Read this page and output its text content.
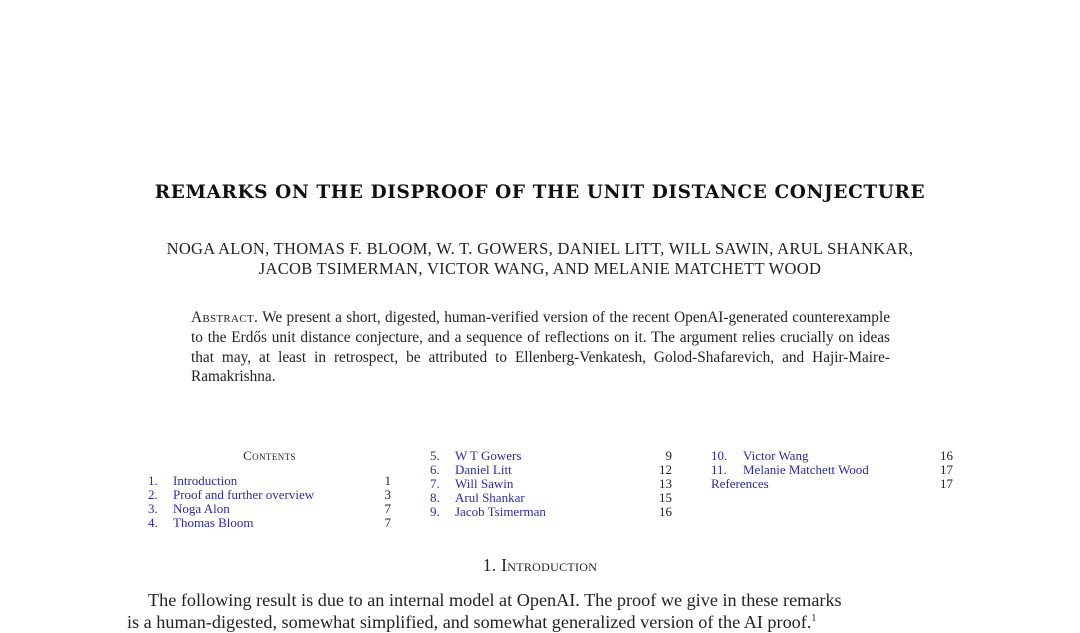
REMARKS ON THE DISPROOF OF THE UNIT DISTANCE CONJECTURE
NOGA ALON, THOMAS F. BLOOM, W. T. GOWERS, DANIEL LITT, WILL SAWIN, ARUL SHANKAR,
JACOB TSIMERMAN, VICTOR WANG, AND MELANIE MATCHETT WOOD
Abstract. We present a short, digested, human-verified version of the recent OpenAI-generated counterexample to the Erdős unit distance conjecture, and a sequence of reflections on it. The argument relies crucially on ideas that may, at least in retrospect, be attributed to Ellenberg-Venkatesh, Golod-Shafarevich, and Hajir-Maire-Ramakrishna.
Contents
1.	Introduction	1
2.	Proof and further overview	3
3.	Noga Alon	7
4.	Thomas Bloom	7
5.	W T Gowers	9
6.	Daniel Litt	12
7.	Will Sawin	13
8.	Arul Shankar	15
9.	Jacob Tsimerman	16
10.	Victor Wang	16
11.	Melanie Matchett Wood	17
References	17
1. Introduction
The following result is due to an internal model at OpenAI. The proof we give in these remarks
is a human-digested, somewhat simplified, and somewhat generalized version of the AI proof.$^1$
